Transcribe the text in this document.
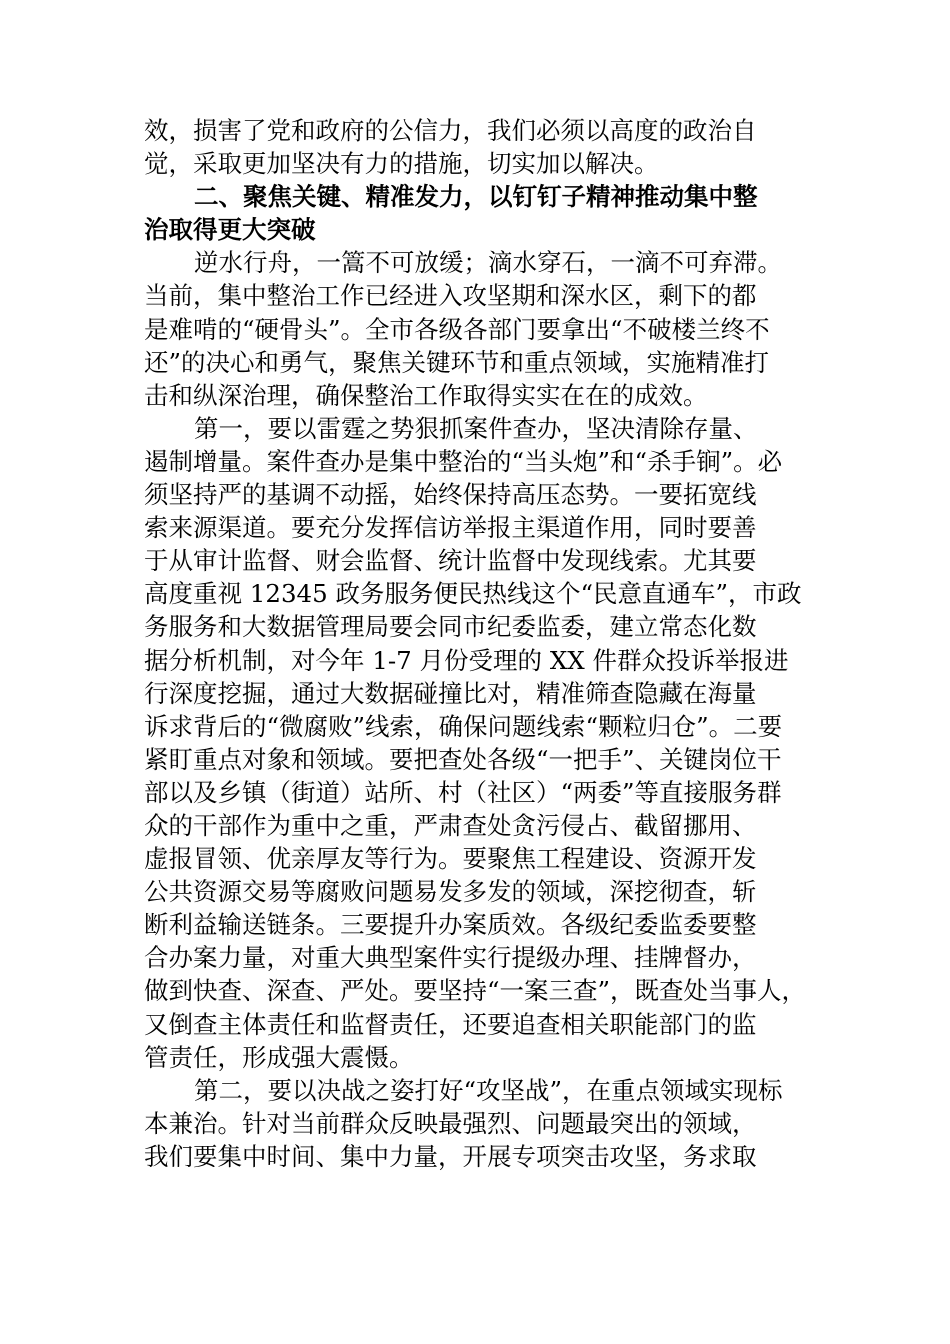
效，损害了党和政府的公信力，我们必须以高度的政治自
觉，采取更加坚决有力的措施，切实加以解决。
二、聚焦关键、精准发力，以钉钉子精神推动集中整
治取得更大突破
逆水行舟，一篙不可放缓；滴水穿石，一滴不可弃滞。
当前，集中整治工作已经进入攻坚期和深水区，剩下的都
是难啃的“硬骨头”。全市各级各部门要拿出“不破楼兰终不
还”的决心和勇气，聚焦关键环节和重点领域，实施精准打
击和纵深治理，确保整治工作取得实实在在的成效。
第一，要以雷霆之势狠抓案件查办，坚决清除存量、
遏制增量。案件查办是集中整治的“当头炮”和“杀手锏”。必
须坚持严的基调不动摇，始终保持高压态势。一要拓宽线
索来源渠道。要充分发挥信访举报主渠道作用，同时要善
于从审计监督、财会监督、统计监督中发现线索。尤其要
高度重视 12345 政务服务便民热线这个“民意直通车”，市政
务服务和大数据管理局要会同市纪委监委，建立常态化数
据分析机制，对今年 1-7 月份受理的 XX 件群众投诉举报进
行深度挖掘，通过大数据碰撞比对，精准筛查隐藏在海量
诉求背后的“微腐败”线索，确保问题线索“颗粒归仓”。二要
紧盯重点对象和领域。要把查处各级“一把手”、关键岗位干
部以及乡镇（街道）站所、村（社区）“两委”等直接服务群
众的干部作为重中之重，严肃查处贪污侵占、截留挪用、
虚报冒领、优亲厚友等行为。要聚焦工程建设、资源开发
公共资源交易等腐败问题易发多发的领域，深挖彻查，斩
断利益输送链条。三要提升办案质效。各级纪委监委要整
合办案力量，对重大典型案件实行提级办理、挂牌督办，
做到快查、深查、严处。要坚持“一案三查”，既查处当事人，
又倒查主体责任和监督责任，还要追查相关职能部门的监
管责任，形成强大震慑。
第二，要以决战之姿打好“攻坚战”，在重点领域实现标
本兼治。针对当前群众反映最强烈、问题最突出的领域，
我们要集中时间、集中力量，开展专项突击攻坚，务求取
